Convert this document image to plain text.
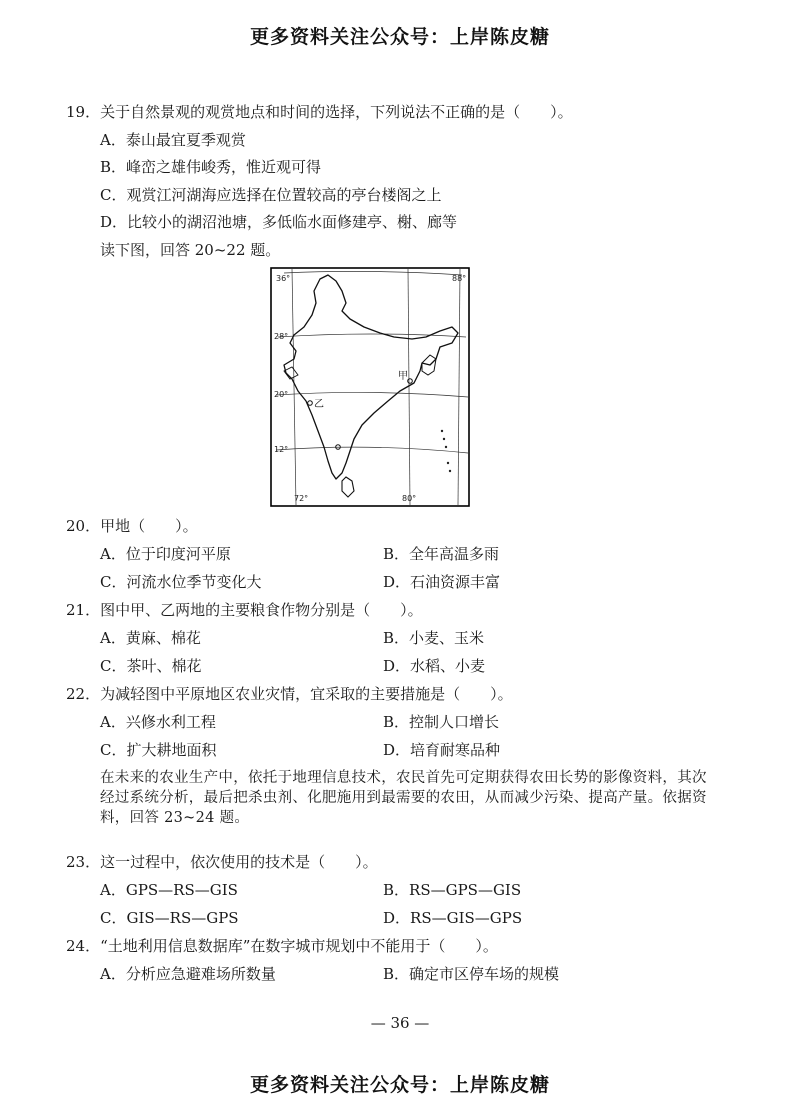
更多资料关注公众号：上岸陈皮糖
19．关于自然景观的观赏地点和时间的选择，下列说法不正确的是（　　）。
A．泰山最宜夏季观赏
B．峰峦之雄伟峻秀，惟近观可得
C．观赏江河湖海应选择在位置较高的亭台楼阁之上
D．比较小的湖沼池塘，多低临水面修建亭、榭、廊等
读下图，回答 20~22 题。
36°
28°
20°
12°
72°	80°
88°
甲
乙
20．甲地（　　）。
A．位于印度河平原	B．全年高温多雨
C．河流水位季节变化大	D．石油资源丰富
21．图中甲、乙两地的主要粮食作物分别是（　　）。
A．黄麻、棉花	B．小麦、玉米
C．茶叶、棉花	D．水稻、小麦
22．为减轻图中平原地区农业灾情，宜采取的主要措施是（　　）。
A．兴修水利工程	B．控制人口增长
C．扩大耕地面积	D．培育耐寒品种
在未来的农业生产中，依托于地理信息技术，农民首先可定期获得农田长势的影像资料，其次经过系统分析，最后把杀虫剂、化肥施用到最需要的农田，从而减少污染、提高产量。依据资料，回答 23~24 题。
23．这一过程中，依次使用的技术是（　　）。
A．GPS—RS—GIS	B．RS—GPS—GIS
C．GIS—RS—GPS	D．RS—GIS—GPS
24．“土地利用信息数据库”在数字城市规划中不能用于（　　）。
A．分析应急避难场所数量	B．确定市区停车场的规模
— 36 —
更多资料关注公众号：上岸陈皮糖
